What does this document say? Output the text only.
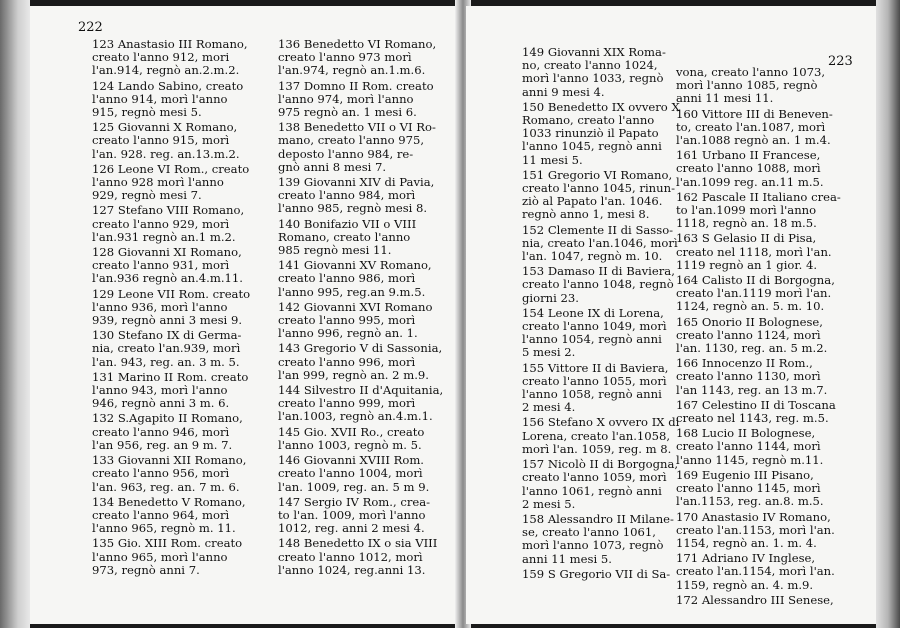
222
123 Anastasio III Romano,
creato l'anno 912, mori
l'an.914, regnò an.2.m.2.
124 Lando Sabino, creato
l'anno 914, morì l'anno
915, regnò mesi 5.
125 Giovanni X Romano,
creato l'anno 915, morì
l'an. 928. reg. an.13.m.2.
126 Leone VI Rom., creato
l'anno 928 morì l'anno
929, regnò mesi 7.
127 Stefano VIII Romano,
creato l'anno 929, morì
l'an.931 regnò an.1 m.2.
128 Giovanni XI Romano,
creato l'anno 931, morì
l'an.936 regnò an.4.m.11.
129 Leone VII Rom. creato
l'anno 936, morì l'anno
939, regnò anni 3 mesi 9.
130 Stefano IX di Germa-
nia, creato l'an.939, morì
l'an. 943, reg. an. 3 m. 5.
131 Marino II Rom. creato
l'anno 943, morì l'anno
946, regnò anni 3 m. 6.
132 S.Agapito II Romano,
creato l'anno 946, morì
l'an 956, reg. an 9 m. 7.
133 Giovanni XII Romano,
creato l'anno 956, morì
l'an. 963, reg. an. 7 m. 6.
134 Benedetto V Romano,
creato l'anno 964, morì
l'anno 965, regnò m. 11.
135 Gio. XIII Rom. creato
l'anno 965, morì l'anno
973, regnò anni 7.
136 Benedetto VI Romano,
creato l'anno 973 morì
l'an.974, regnò an.1.m.6.
137 Domno II Rom. creato
l'anno 974, morì l'anno
975 regnò an. 1 mesi 6.
138 Benedetto VII o VI Ro-
mano, creato l'anno 975,
deposto l'anno 984, re-
gnò anni 8 mesi 7.
139 Giovanni XIV di Pavia,
creato l'anno 984, morì
l'anno 985, regnò mesi 8.
140 Bonifazio VII o VIII
Romano, creato l'anno
985 regnò mesi 11.
141 Giovanni XV Romano,
creato l'anno 986, morì
l'anno 995, reg.an 9.m.5.
142 Giovanni XVI Romano
creato l'anno 995, morì
l'anno 996, regnò an. 1.
143 Gregorio V di Sassonia,
creato l'anno 996, morì
l'an 999, regnò an. 2 m.9.
144 Silvestro II d'Aquitania,
creato l'anno 999, morì
l'an.1003, regnò an.4.m.1.
145 Gio. XVII Ro., creato
l'anno 1003, regnò m. 5.
146 Giovanni XVIII Rom.
creato l'anno 1004, morì
l'an. 1009, reg. an. 5 m 9.
147 Sergio IV Rom., crea-
to l'an. 1009, morì l'anno
1012, reg. anni 2 mesi 4.
148 Benedetto IX o sia VIII
creato l'anno 1012, morì
l'anno 1024, reg.anni 13.
223
149 Giovanni XIX Roma-
no, creato l'anno 1024,
morì l'anno 1033, regnò
anni 9 mesi 4.
150 Benedetto IX ovvero X
Romano, creato l'anno
1033 rinunziò il Papato
l'anno 1045, regnò anni
11 mesi 5.
151 Gregorio VI Romano,
creato l'anno 1045, rinun-
ziò al Papato l'an. 1046.
regnò anno 1, mesi 8.
152 Clemente II di Sasso-
nia, creato l'an.1046, morì
l'an. 1047, regnò m. 10.
153 Damaso II di Baviera,
creato l'anno 1048, regnò
giorni 23.
154 Leone IX di Lorena,
creato l'anno 1049, morì
l'anno 1054, regnò anni
5 mesi 2.
155 Vittore II di Baviera,
creato l'anno 1055, morì
l'anno 1058, regnò anni
2 mesi 4.
156 Stefano X ovvero IX di
Lorena, creato l'an.1058,
morì l'an. 1059, reg. m 8.
157 Nicolò II di Borgogna,
creato l'anno 1059, morì
l'anno 1061, regnò anni
2 mesi 5.
158 Alessandro II Milane-
se, creato l'anno 1061,
morì l'anno 1073, regnò
anni 11 mesi 5.
159 S Gregorio VII di Sa-
vona, creato l'anno 1073,
morì l'anno 1085, regnò
anni 11 mesi 11.
160 Vittore III di Beneven-
to, creato l'an.1087, morì
l'an.1088 regnò an. 1 m.4.
161 Urbano II Francese,
creato l'anno 1088, morì
l'an.1099 reg. an.11 m.5.
162 Pascale II Italiano crea-
to l'an.1099 morì l'anno
1118, regnò an. 18 m.5.
163 S Gelasio II di Pisa,
creato nel 1118, morì l'an.
1119 regnò an 1 gior. 4.
164 Calisto II di Borgogna,
creato l'an.1119 morì l'an.
1124, regnò an. 5. m. 10.
165 Onorio II Bolognese,
creato l'anno 1124, morì
l'an. 1130, reg. an. 5 m.2.
166 Innocenzo II Rom.,
creato l'anno 1130, morì
l'an 1143, reg. an 13 m.7.
167 Celestino II di Toscana
creato nel 1143, reg. m.5.
168 Lucio II Bolognese,
creato l'anno 1144, morì
l'anno 1145, regnò m.11.
169 Eugenio III Pisano,
creato l'anno 1145, morì
l'an.1153, reg. an.8. m.5.
170 Anastasio IV Romano,
creato l'an.1153, morì l'an.
1154, regnò an. 1. m. 4.
171 Adriano IV Inglese,
creato l'an.1154, morì l'an.
1159, regnò an. 4. m.9.
172 Alessandro III Senese,
